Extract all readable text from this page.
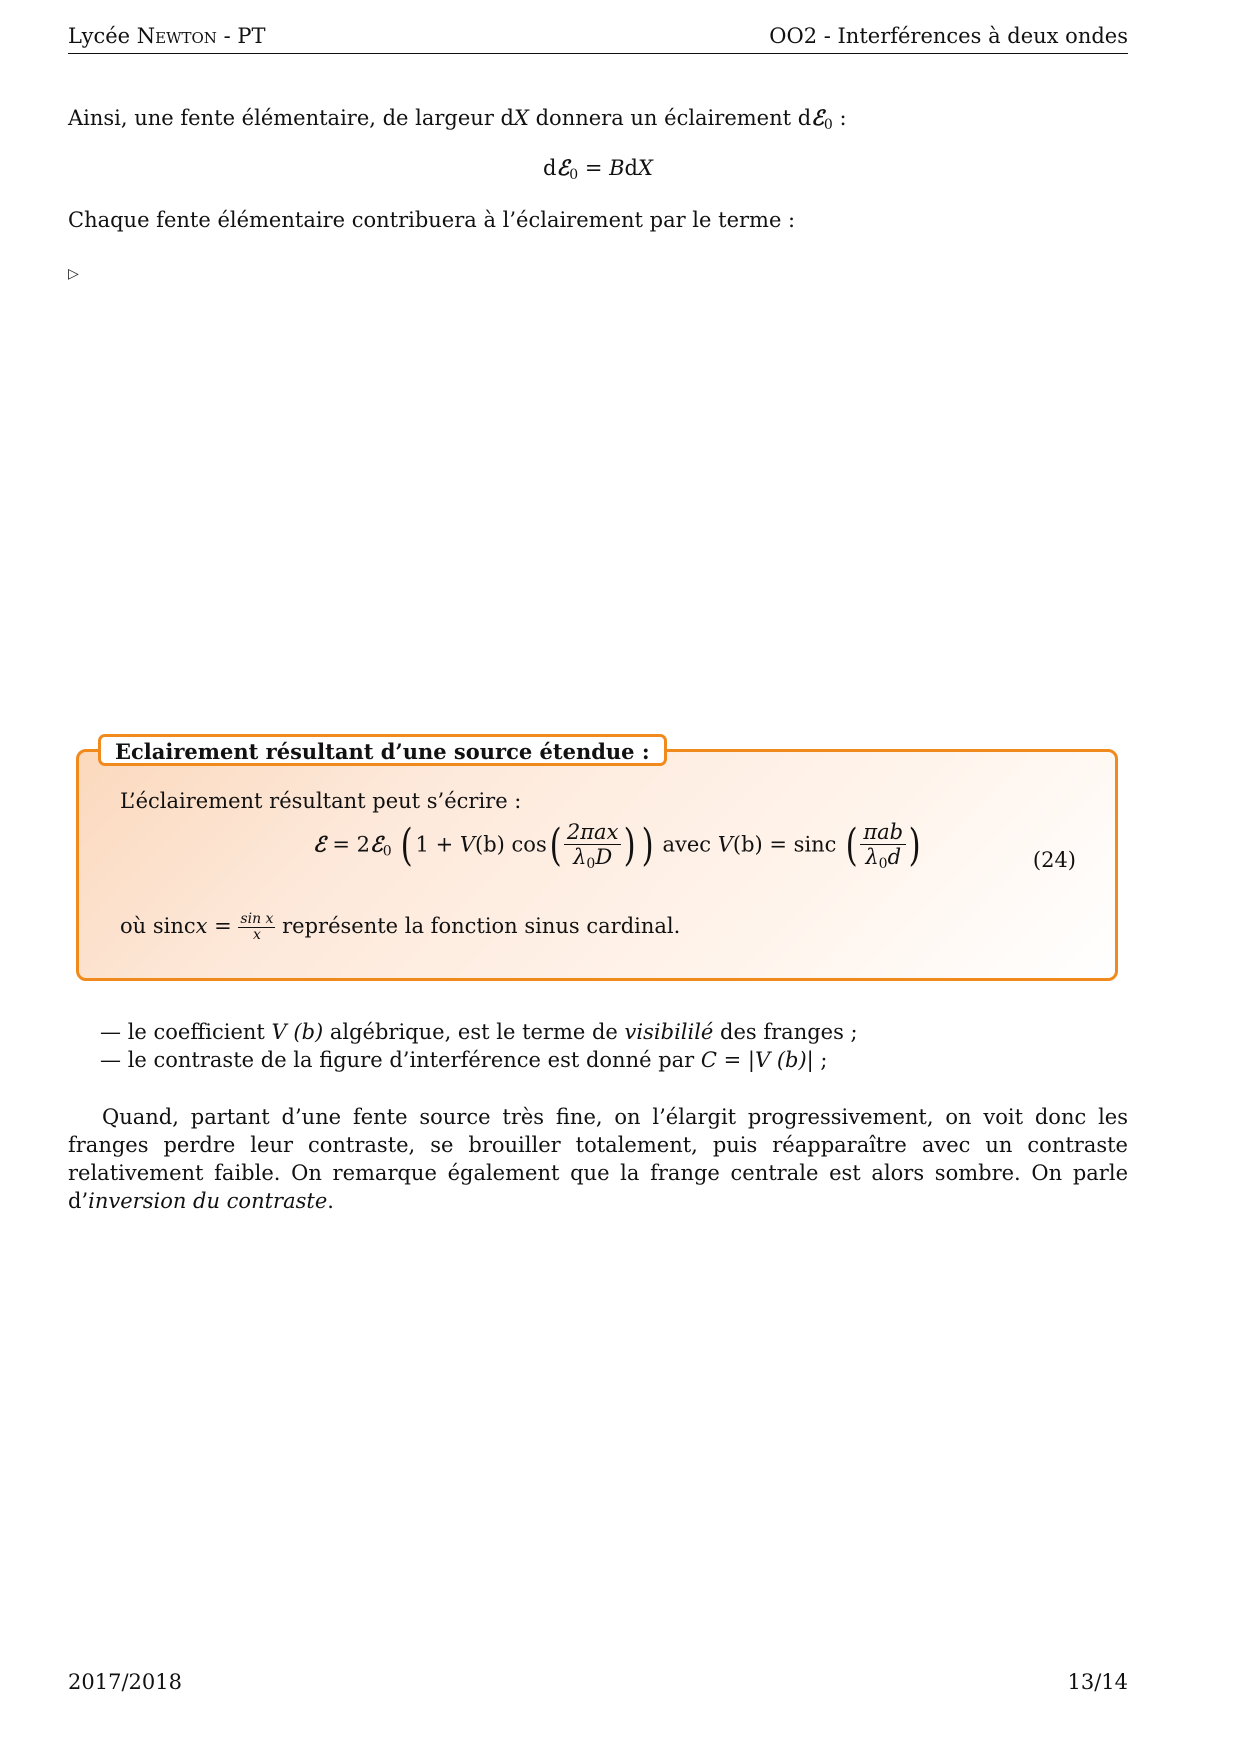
Lycée Newton - PT	OO2 - Interférences à deux ondes
Ainsi, une fente élémentaire, de largeur dX donnera un éclairement dℰ$_0$ :
dℰ$_0$ = BdX
Chaque fente élémentaire contribuera à l’éclairement par le terme :
▷
Eclairement résultant d’une source étendue :
L’éclairement résultant peut s’écrire :
ℰ = 2ℰ$_0$ ( 1 + V(b) $\cos( \frac{\text{2πax}}{\lambda_0D}$ ) ) avec V(b) = sinc ( $\frac{\text{πab}}{\lambda_0d}$ )	(24)
où sincx = $\frac{\text{sin x}}{x}$ représente la fonction sinus cardinal.
— le coefficient V (b) algébrique, est le terme de visibililé des franges ;
— le contraste de la figure d’interférence est donné par C = |V (b)| ;
Quand, partant d’une fente source très fine, on l’élargit progressivement, on voit donc les franges perdre leur contraste, se brouiller totalement, puis réapparaître avec un contraste relativement faible. On remarque également que la frange centrale est alors sombre. On parle d’inversion du contraste.
2017/2018	13/14
